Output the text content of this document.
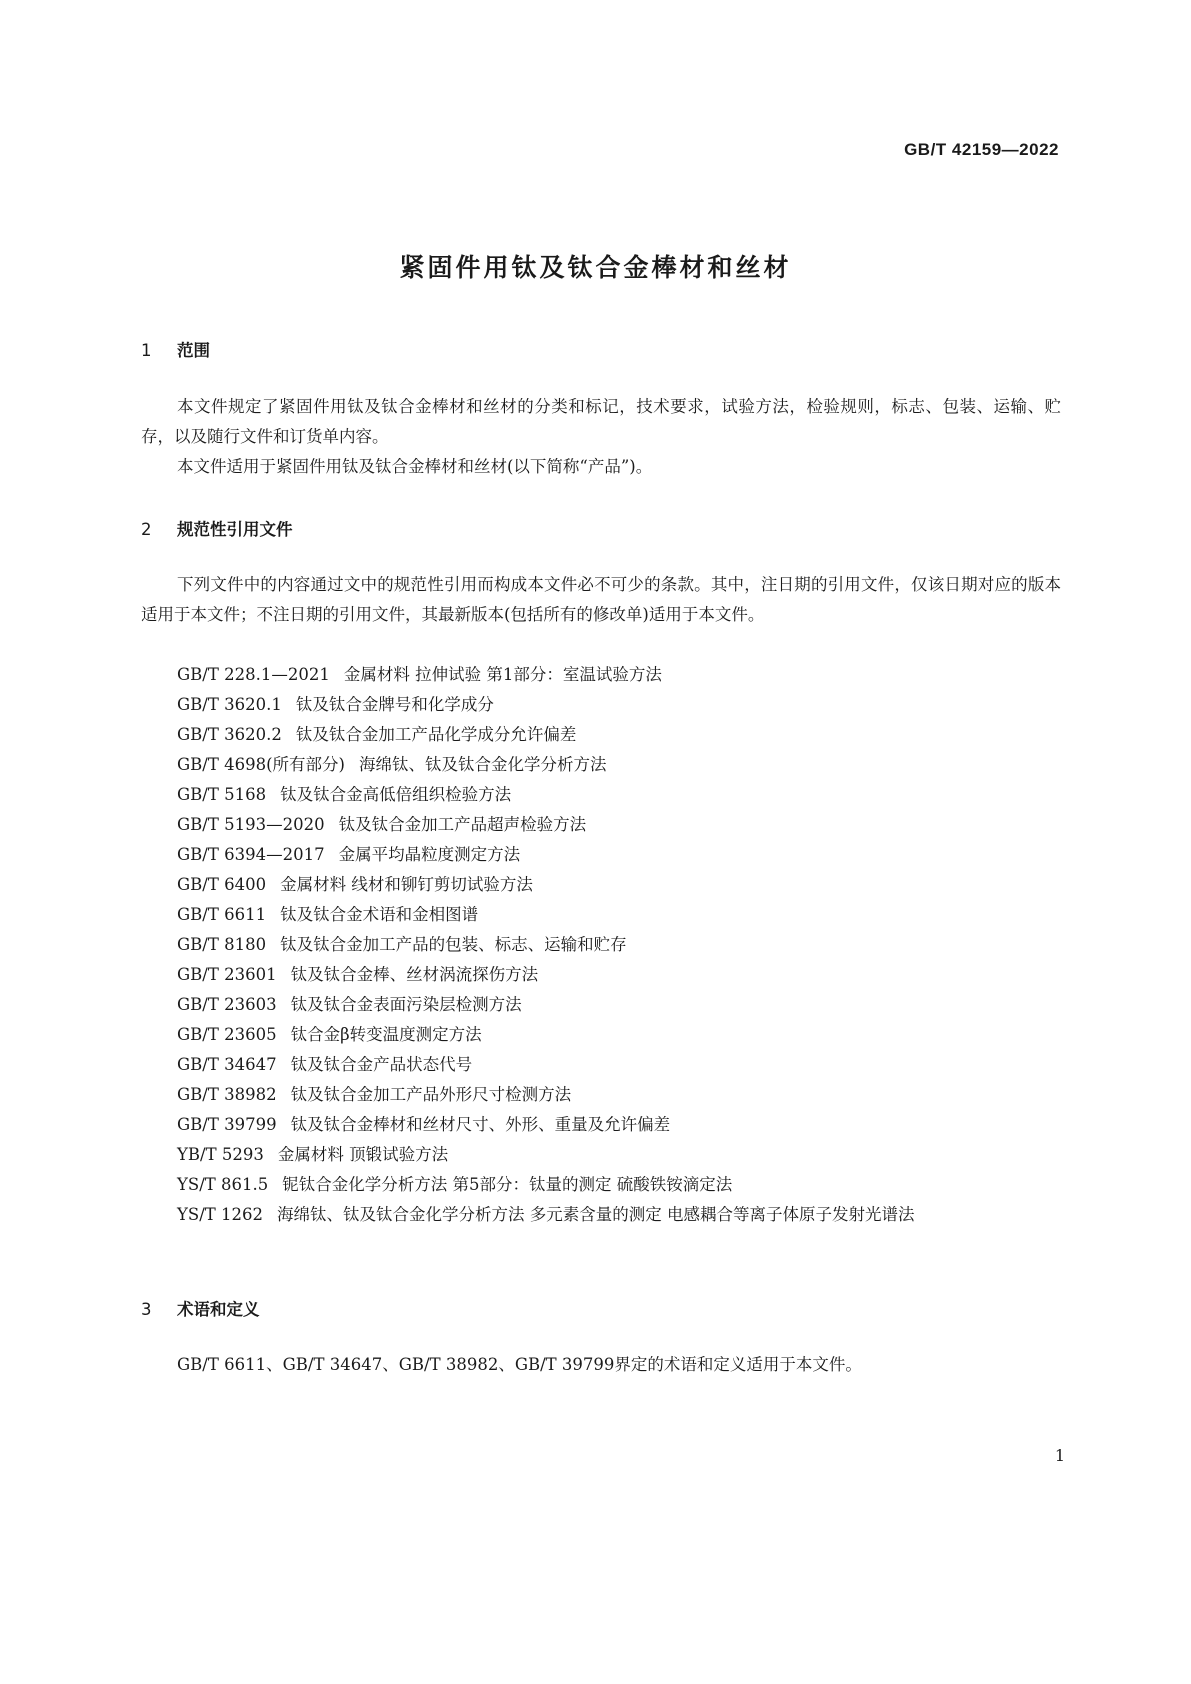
GB/T 42159—2022
紧固件用钛及钛合金棒材和丝材
1 范围

本文件规定了紧固件用钛及钛合金棒材和丝材的分类和标记，技术要求，试验方法，检验规则，标志、包装、运输、贮存，以及随行文件和订货单内容。

本文件适用于紧固件用钛及钛合金棒材和丝材(以下简称“产品”)。

2 规范性引用文件

下列文件中的内容通过文中的规范性引用而构成本文件必不可少的条款。其中，注日期的引用文件，仅该日期对应的版本适用于本文件；不注日期的引用文件，其最新版本(包括所有的修改单)适用于本文件。

GB/T 228.1—2021 金属材料 拉伸试验 第1部分：室温试验方法
GB/T 3620.1 钛及钛合金牌号和化学成分
GB/T 3620.2 钛及钛合金加工产品化学成分允许偏差
GB/T 4698(所有部分) 海绵钛、钛及钛合金化学分析方法
GB/T 5168 钛及钛合金高低倍组织检验方法
GB/T 5193—2020 钛及钛合金加工产品超声检验方法
GB/T 6394—2017 金属平均晶粒度测定方法
GB/T 6400 金属材料 线材和铆钉剪切试验方法
GB/T 6611 钛及钛合金术语和金相图谱
GB/T 8180 钛及钛合金加工产品的包装、标志、运输和贮存
GB/T 23601 钛及钛合金棒、丝材涡流探伤方法
GB/T 23603 钛及钛合金表面污染层检测方法
GB/T 23605 钛合金β转变温度测定方法
GB/T 34647 钛及钛合金产品状态代号
GB/T 38982 钛及钛合金加工产品外形尺寸检测方法
GB/T 39799 钛及钛合金棒材和丝材尺寸、外形、重量及允许偏差
YB/T 5293 金属材料 顶锻试验方法
YS/T 861.5 铌钛合金化学分析方法 第5部分：钛量的测定 硫酸铁铵滴定法
YS/T 1262 海绵钛、钛及钛合金化学分析方法 多元素含量的测定 电感耦合等离子体原子发射光谱法
3 术语和定义

GB/T 6611、GB/T 34647、GB/T 38982、GB/T 39799界定的术语和定义适用于本文件。

1
